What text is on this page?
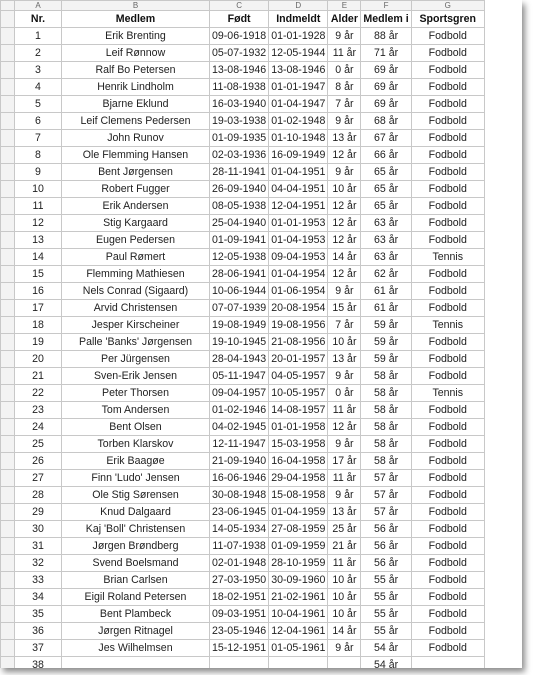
	A	B	C	D	E	F	G
	Nr.	Medlem	Født	Indmeldt	Alder	Medlem i	Sportsgren
	1	Erik Brenting	09-06-1918	01-01-1928	9 år	88 år	Fodbold
	2	Leif Rønnow	05-07-1932	12-05-1944	11 år	71 år	Fodbold
	3	Ralf Bo Petersen	13-08-1946	13-08-1946	0 år	69 år	Fodbold
	4	Henrik Lindholm	11-08-1938	01-01-1947	8 år	69 år	Fodbold
	5	Bjarne Eklund	16-03-1940	01-04-1947	7 år	69 år	Fodbold
	6	Leif Clemens Pedersen	19-03-1938	01-02-1948	9 år	68 år	Fodbold
	7	John Runov	01-09-1935	01-10-1948	13 år	67 år	Fodbold
	8	Ole Flemming Hansen	02-03-1936	16-09-1949	12 år	66 år	Fodbold
	9	Bent Jørgensen	28-11-1941	01-04-1951	9 år	65 år	Fodbold
	10	Robert Fugger	26-09-1940	04-04-1951	10 år	65 år	Fodbold
	11	Erik Andersen	08-05-1938	12-04-1951	12 år	65 år	Fodbold
	12	Stig Kargaard	25-04-1940	01-01-1953	12 år	63 år	Fodbold
	13	Eugen Pedersen	01-09-1941	01-04-1953	12 år	63 år	Fodbold
	14	Paul Rømert	12-05-1938	09-04-1953	14 år	63 år	Tennis
	15	Flemming Mathiesen	28-06-1941	01-04-1954	12 år	62 år	Fodbold
	16	Nels Conrad (Sigaard)	10-06-1944	01-06-1954	9 år	61 år	Fodbold
	17	Arvid Christensen	07-07-1939	20-08-1954	15 år	61 år	Fodbold
	18	Jesper Kirscheiner	19-08-1949	19-08-1956	7 år	59 år	Tennis
	19	Palle 'Banks' Jørgensen	19-10-1945	21-08-1956	10 år	59 år	Fodbold
	20	Per Jürgensen	28-04-1943	20-01-1957	13 år	59 år	Fodbold
	21	Sven-Erik Jensen	05-11-1947	04-05-1957	9 år	58 år	Fodbold
	22	Peter Thorsen	09-04-1957	10-05-1957	0 år	58 år	Tennis
	23	Tom Andersen	01-02-1946	14-08-1957	11 år	58 år	Fodbold
	24	Bent Olsen	04-02-1945	01-01-1958	12 år	58 år	Fodbold
	25	Torben Klarskov	12-11-1947	15-03-1958	9 år	58 år	Fodbold
	26	Erik Baagøe	21-09-1940	16-04-1958	17 år	58 år	Fodbold
	27	Finn 'Ludo' Jensen	16-06-1946	29-04-1958	11 år	57 år	Fodbold
	28	Ole Stig Sørensen	30-08-1948	15-08-1958	9 år	57 år	Fodbold
	29	Knud Dalgaard	23-06-1945	01-04-1959	13 år	57 år	Fodbold
	30	Kaj 'Boll' Christensen	14-05-1934	27-08-1959	25 år	56 år	Fodbold
	31	Jørgen Brøndberg	11-07-1938	01-09-1959	21 år	56 år	Fodbold
	32	Svend Boelsmand	02-01-1948	28-10-1959	11 år	56 år	Fodbold
	33	Brian Carlsen	27-03-1950	30-09-1960	10 år	55 år	Fodbold
	34	Eigil Roland Petersen	18-02-1951	21-02-1961	10 år	55 år	Fodbold
	35	Bent Plambeck	09-03-1951	10-04-1961	10 år	55 år	Fodbold
	36	Jørgen Ritnagel	23-05-1946	12-04-1961	14 år	55 år	Fodbold
	37	Jes Wilhelmsen	15-12-1951	01-05-1961	9 år	54 år	Fodbold
	38					54 år	
